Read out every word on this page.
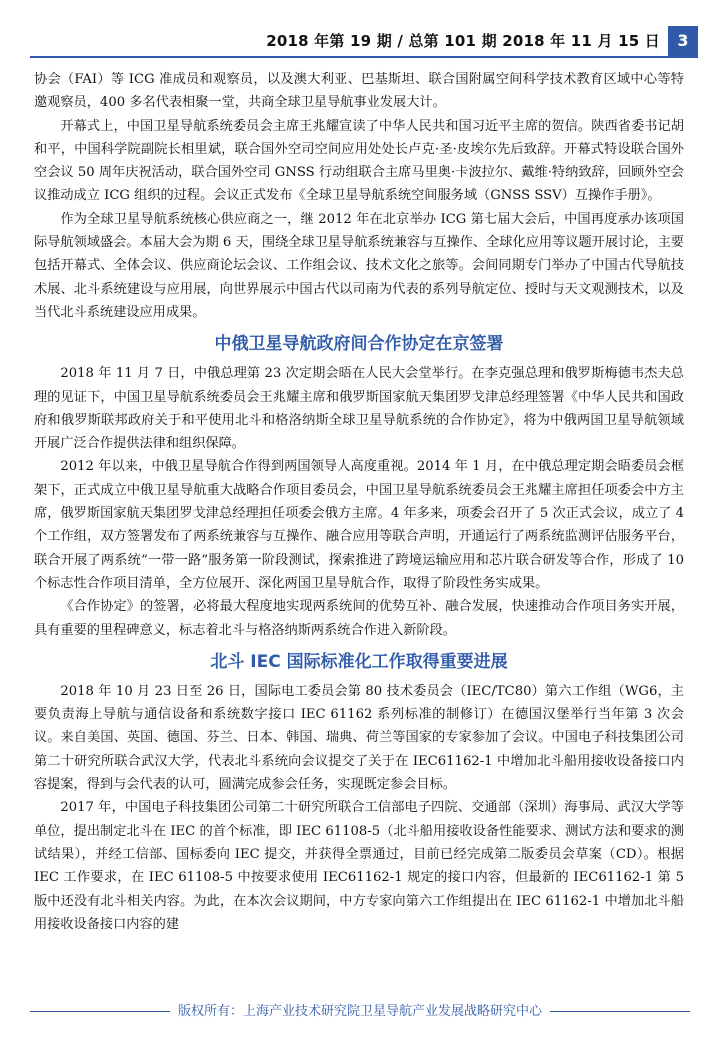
2018 年第 19 期 / 总第 101 期 2018 年 11 月 15 日	3

协会（FAI）等 ICG 准成员和观察员，以及澳大利亚、巴基斯坦、联合国附属空间科学技术教育区域中心等特邀观察员，400 多名代表相聚一堂，共商全球卫星导航事业发展大计。

开幕式上，中国卫星导航系统委员会主席王兆耀宣读了中华人民共和国习近平主席的贺信。陕西省委书记胡和平，中国科学院副院长相里斌，联合国外空司空间应用处处长卢克·圣·皮埃尔先后致辞。开幕式特设联合国外空会议 50 周年庆祝活动，联合国外空司 GNSS 行动组联合主席马里奥·卡波拉尔、戴维·特纳致辞，回顾外空会议推动成立 ICG 组织的过程。会议正式发布《全球卫星导航系统空间服务域（GNSS SSV）互操作手册》。

作为全球卫星导航系统核心供应商之一，继 2012 年在北京举办 ICG 第七届大会后，中国再度承办该项国际导航领域盛会。本届大会为期 6 天，围绕全球卫星导航系统兼容与互操作、全球化应用等议题开展讨论，主要包括开幕式、全体会议、供应商论坛会议、工作组会议、技术文化之旅等。会间同期专门举办了中国古代导航技术展、北斗系统建设与应用展，向世界展示中国古代以司南为代表的系列导航定位、授时与天文观测技术，以及当代北斗系统建设应用成果。

中俄卫星导航政府间合作协定在京签署

2018 年 11 月 7 日，中俄总理第 23 次定期会晤在人民大会堂举行。在李克强总理和俄罗斯梅德韦杰夫总理的见证下，中国卫星导航系统委员会王兆耀主席和俄罗斯国家航天集团罗戈津总经理签署《中华人民共和国政府和俄罗斯联邦政府关于和平使用北斗和格洛纳斯全球卫星导航系统的合作协定》，将为中俄两国卫星导航领域开展广泛合作提供法律和组织保障。

2012 年以来，中俄卫星导航合作得到两国领导人高度重视。2014 年 1 月，在中俄总理定期会晤委员会框架下，正式成立中俄卫星导航重大战略合作项目委员会，中国卫星导航系统委员会王兆耀主席担任项委会中方主席，俄罗斯国家航天集团罗戈津总经理担任项委会俄方主席。4 年多来，项委会召开了 5 次正式会议，成立了 4 个工作组，双方签署发布了两系统兼容与互操作、融合应用等联合声明，开通运行了两系统监测评估服务平台，联合开展了两系统“一带一路”服务第一阶段测试，探索推进了跨境运输应用和芯片联合研发等合作，形成了 10 个标志性合作项目清单，全方位展开、深化两国卫星导航合作，取得了阶段性务实成果。

《合作协定》的签署，必将最大程度地实现两系统间的优势互补、融合发展，快速推动合作项目务实开展，具有重要的里程碑意义，标志着北斗与格洛纳斯两系统合作进入新阶段。

北斗 IEC 国际标准化工作取得重要进展

2018 年 10 月 23 日至 26 日，国际电工委员会第 80 技术委员会（IEC/TC80）第六工作组（WG6，主要负责海上导航与通信设备和系统数字接口 IEC 61162 系列标准的制修订）在德国汉堡举行当年第 3 次会议。来自美国、英国、德国、芬兰、日本、韩国、瑞典、荷兰等国家的专家参加了会议。中国电子科技集团公司第二十研究所联合武汉大学，代表北斗系统向会议提交了关于在 IEC61162-1 中增加北斗船用接收设备接口内容提案，得到与会代表的认可，圆满完成参会任务，实现既定参会目标。

2017 年，中国电子科技集团公司第二十研究所联合工信部电子四院、交通部（深圳）海事局、武汉大学等单位，提出制定北斗在 IEC 的首个标准，即 IEC 61108-5（北斗船用接收设备性能要求、测试方法和要求的测试结果），并经工信部、国标委向 IEC 提交，并获得全票通过，目前已经完成第二版委员会草案（CD）。根据 IEC 工作要求，在 IEC 61108-5 中按要求使用 IEC61162-1 规定的接口内容，但最新的 IEC61162-1 第 5 版中还没有北斗相关内容。为此，在本次会议期间，中方专家向第六工作组提出在 IEC 61162-1 中增加北斗船用接收设备接口内容的建

版权所有：上海产业技术研究院卫星导航产业发展战略研究中心
